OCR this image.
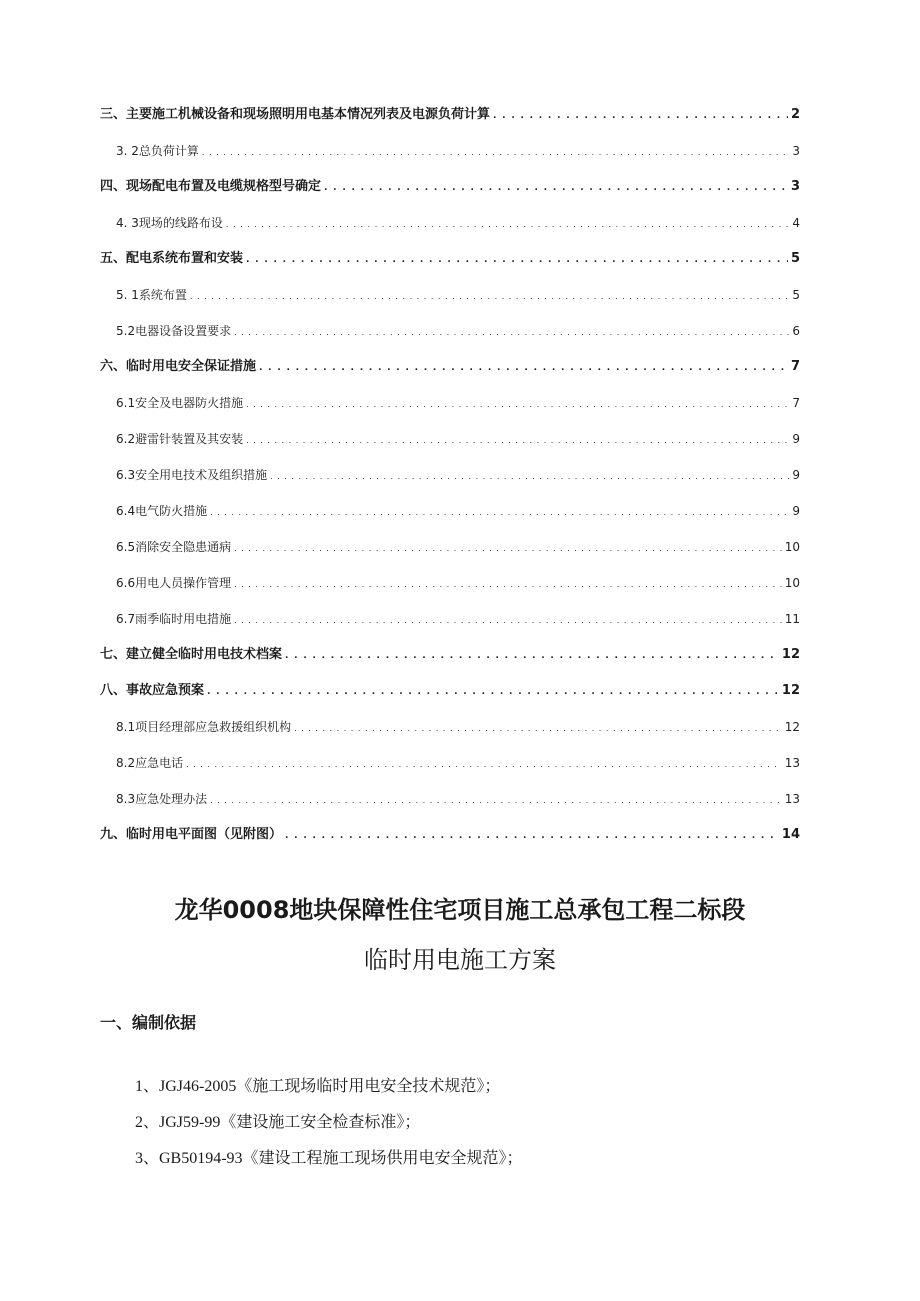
三、主要施工机械设备和现场照明用电基本情况列表及电源负荷计算 . . .	2
3. 2总负荷计算 . . .	3
四、现场配电布置及电缆规格型号确定 . . .	3
4. 3现场的线路布设 . . .	4
五、配电系统布置和安装 . . .	5
5. 1系统布置 . . .	5
5.2电器设备设置要求 . . .	6
六、临时用电安全保证措施 . . .	7
6.1安全及电器防火措施 . . .	7
6.2避雷针装置及其安装 . . .	9
6.3安全用电技术及组织措施 . . .	9
6.4电气防火措施 . . .	9
6.5消除安全隐患通病 . . .	10
6.6用电人员操作管理 . . .	10
6.7雨季临时用电措施 . . .	11
七、建立健全临时用电技术档案 . . .	12
八、事故应急预案 . . .	12
8.1项目经理部应急救援组织机构 . . .	12
8.2应急电话 . . .	13
8.3应急处理办法 . . .	13
九、临时用电平面图（见附图） . . .	14
龙华0008地块保障性住宅项目施工总承包工程二标段
临时用电施工方案
一、编制依据
1、JGJ46-2005《施工现场临时用电安全技术规范》；
2、JGJ59-99《建设施工安全检查标准》；
3、GB50194-93《建设工程施工现场供用电安全规范》；
